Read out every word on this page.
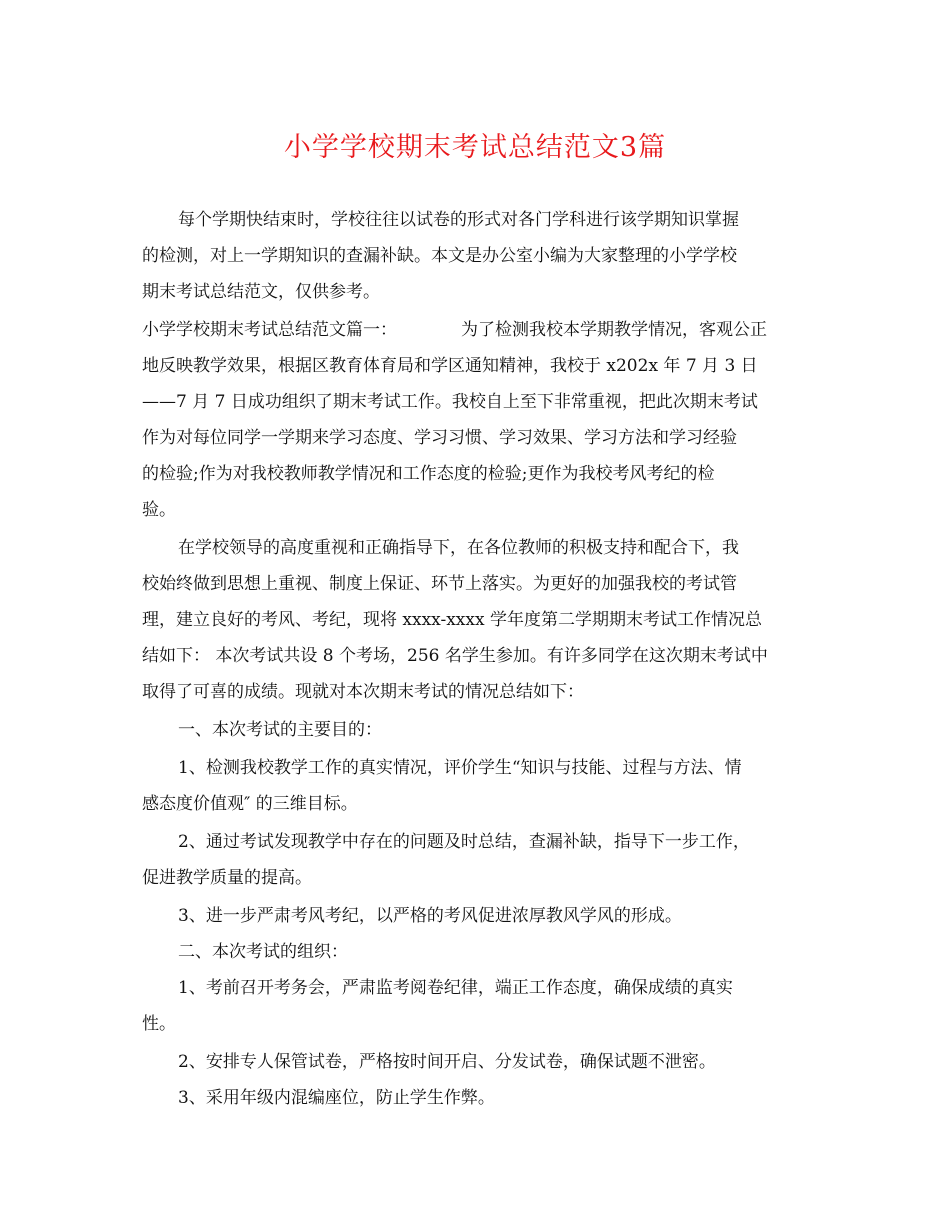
小学学校期末考试总结范文3篇

每个学期快结束时，学校往往以试卷的形式对各门学科进行该学期知识掌握

的检测，对上一学期知识的查漏补缺。本文是办公室小编为大家整理的小学学校

期末考试总结范文，仅供参考。

小学学校期末考试总结范文篇一：	为了检测我校本学期教学情况，客观公正

地反映教学效果，根据区教育体育局和学区通知精神，我校于 x202x 年 7 月 3 日

——7 月 7 日成功组织了期末考试工作。我校自上至下非常重视，把此次期末考试

作为对每位同学一学期来学习态度、学习习惯、学习效果、学习方法和学习经验

的检验;作为对我校教师教学情况和工作态度的检验;更作为我校考风考纪的检

验。

在学校领导的高度重视和正确指导下，在各位教师的积极支持和配合下，我

校始终做到思想上重视、制度上保证、环节上落实。为更好的加强我校的考试管

理，建立良好的考风、考纪，现将 xxxx-xxxx 学年度第二学期期末考试工作情况总

结如下： 本次考试共设 8 个考场，256 名学生参加。有许多同学在这次期末考试中

取得了可喜的成绩。现就对本次期末考试的情况总结如下：

一、本次考试的主要目的：

1、检测我校教学工作的真实情况，评价学生“知识与技能、过程与方法、情

感态度价值观″ 的三维目标。

2、通过考试发现教学中存在的问题及时总结，查漏补缺，指导下一步工作，

促进教学质量的提高。

3、进一步严肃考风考纪，以严格的考风促进浓厚教风学风的形成。

二、本次考试的组织：

1、考前召开考务会，严肃监考阅卷纪律，端正工作态度，确保成绩的真实

性。

2、安排专人保管试卷，严格按时间开启、分发试卷，确保试题不泄密。

3、采用年级内混编座位，防止学生作弊。
